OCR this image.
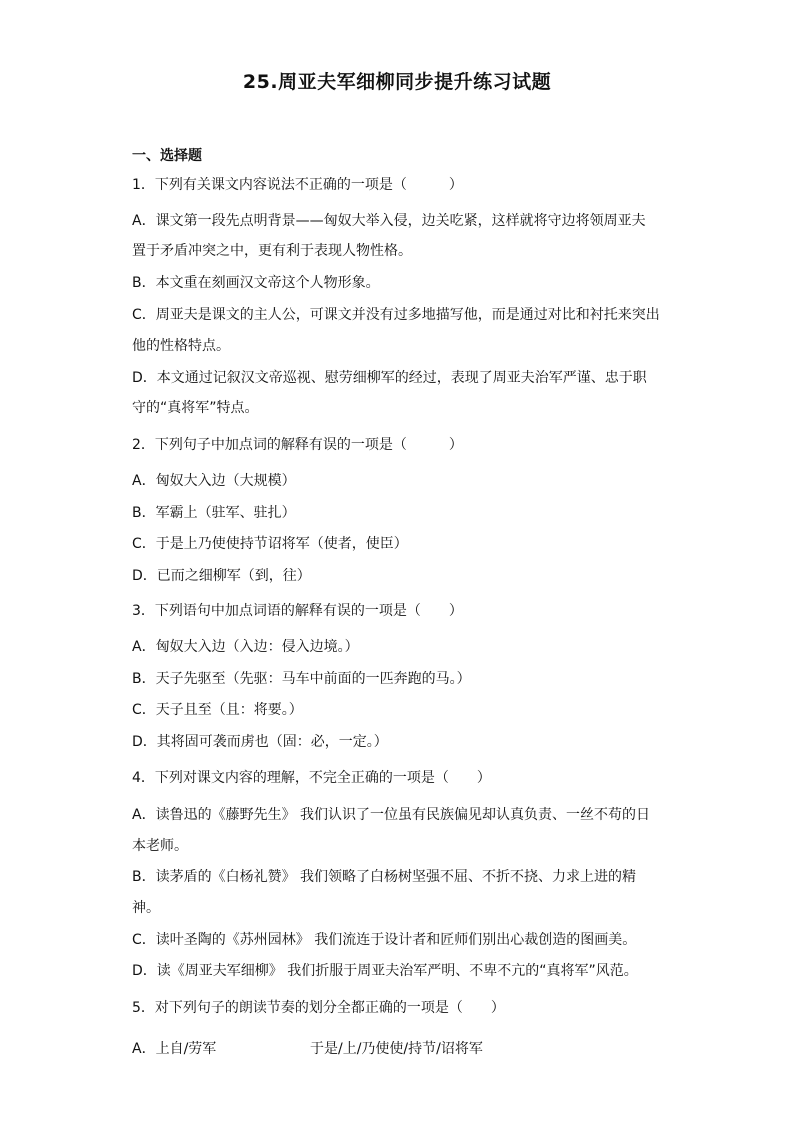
25.周亚夫军细柳同步提升练习试题
一、选择题
1．下列有关课文内容说法不正确的一项是（　　　）
A．课文第一段先点明背景——匈奴大举入侵，边关吃紧，这样就将守边将领周亚夫
置于矛盾冲突之中，更有利于表现人物性格。
B．本文重在刻画汉文帝这个人物形象。
C．周亚夫是课文的主人公，可课文并没有过多地描写他，而是通过对比和衬托来突出
他的性格特点。
D．本文通过记叙汉文帝巡视、慰劳细柳军的经过，表现了周亚夫治军严谨、忠于职
守的“真将军”特点。
2．下列句子中加点词的解释有误的一项是（　　　）
A．匈奴大入边（大规模）
B．军霸上（驻军、驻扎）
C．于是上乃使使持节诏将军（使者，使臣）
D．已而之细柳军（到，往）
3．下列语句中加点词语的解释有误的一项是（　　）
A．匈奴大入边（入边：侵入边境。）
B．天子先驱至（先驱：马车中前面的一匹奔跑的马。）
C．天子且至（且：将要。）
D．其将固可袭而虏也（固：必，一定。）
4．下列对课文内容的理解，不完全正确的一项是（　　）
A．读鲁迅的《藤野先生》 我们认识了一位虽有民族偏见却认真负责、一丝不苟的日
本老师。
B．读茅盾的《白杨礼赞》 我们领略了白杨树坚强不屈、不折不挠、力求上进的精
神。
C．读叶圣陶的《苏州园林》 我们流连于设计者和匠师们别出心裁创造的图画美。
D．读《周亚夫军细柳》 我们折服于周亚夫治军严明、不卑不亢的“真将军”风范。
5．对下列句子的朗读节奏的划分全都正确的一项是（　　）
A．上自/劳军	于是/上/乃使使/持节/诏将军
